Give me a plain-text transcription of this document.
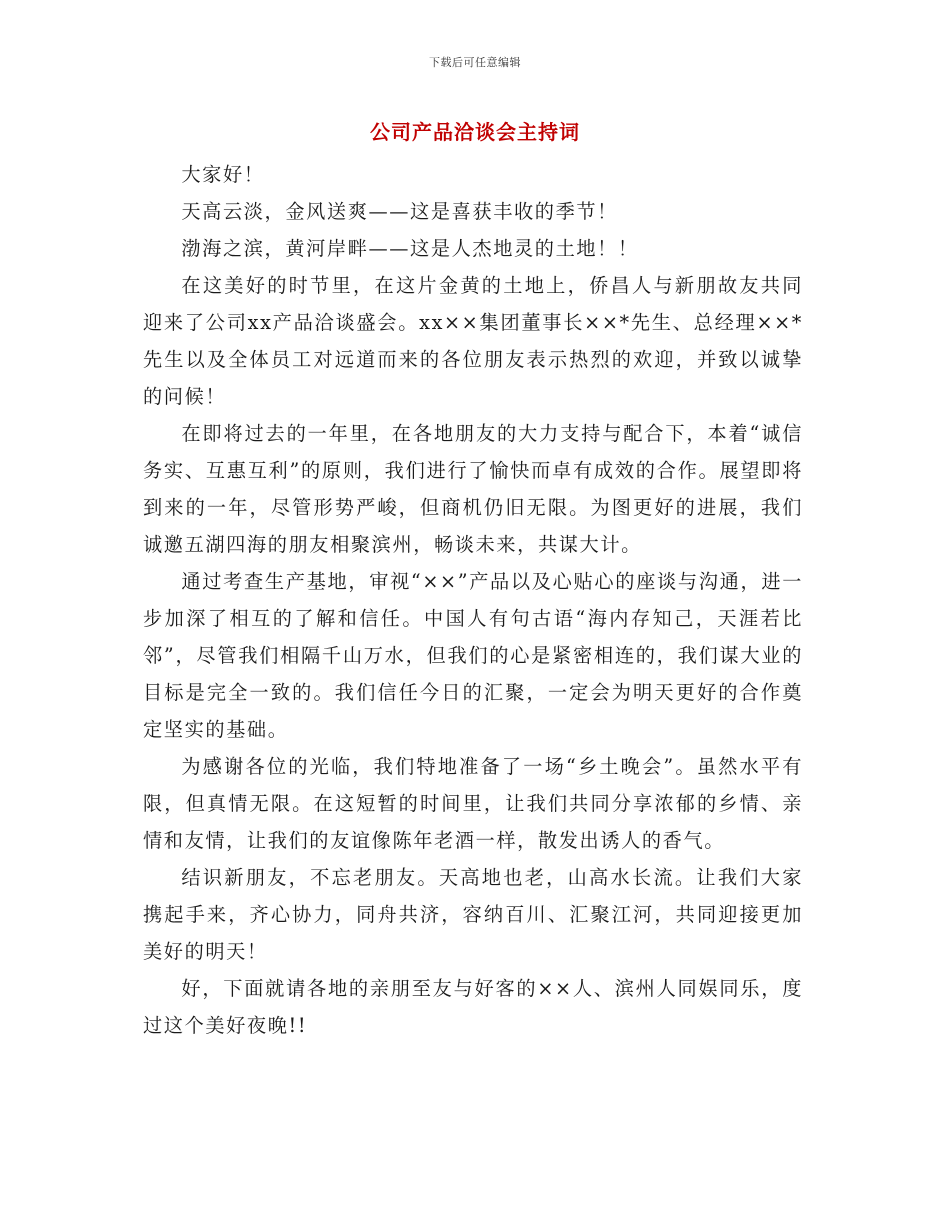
下载后可任意编辑
公司产品洽谈会主持词

大家好！

天高云淡，金风送爽——这是喜获丰收的季节！

渤海之滨，黄河岸畔——这是人杰地灵的土地！！

在这美好的时节里，在这片金黄的土地上，侨昌人与新朋故友共同迎来了公司xx产品洽谈盛会。xx××集团董事长××*先生、总经理××*先生以及全体员工对远道而来的各位朋友表示热烈的欢迎，并致以诚挚的问候！

在即将过去的一年里，在各地朋友的大力支持与配合下，本着“诚信务实、互惠互利”的原则，我们进行了愉快而卓有成效的合作。展望即将到来的一年，尽管形势严峻，但商机仍旧无限。为图更好的进展，我们诚邀五湖四海的朋友相聚滨州，畅谈未来，共谋大计。

通过考查生产基地，审视“××”产品以及心贴心的座谈与沟通，进一步加深了相互的了解和信任。中国人有句古语“海内存知己，天涯若比邻”，尽管我们相隔千山万水，但我们的心是紧密相连的，我们谋大业的目标是完全一致的。我们信任今日的汇聚，一定会为明天更好的合作奠定坚实的基础。

为感谢各位的光临，我们特地准备了一场“乡土晚会”。虽然水平有限，但真情无限。在这短暂的时间里，让我们共同分享浓郁的乡情、亲情和友情，让我们的友谊像陈年老酒一样，散发出诱人的香气。

结识新朋友，不忘老朋友。天高地也老，山高水长流。让我们大家携起手来，齐心协力，同舟共济，容纳百川、汇聚江河，共同迎接更加美好的明天！

好，下面就请各地的亲朋至友与好客的××人、滨州人同娱同乐，度过这个美好夜晚!!
